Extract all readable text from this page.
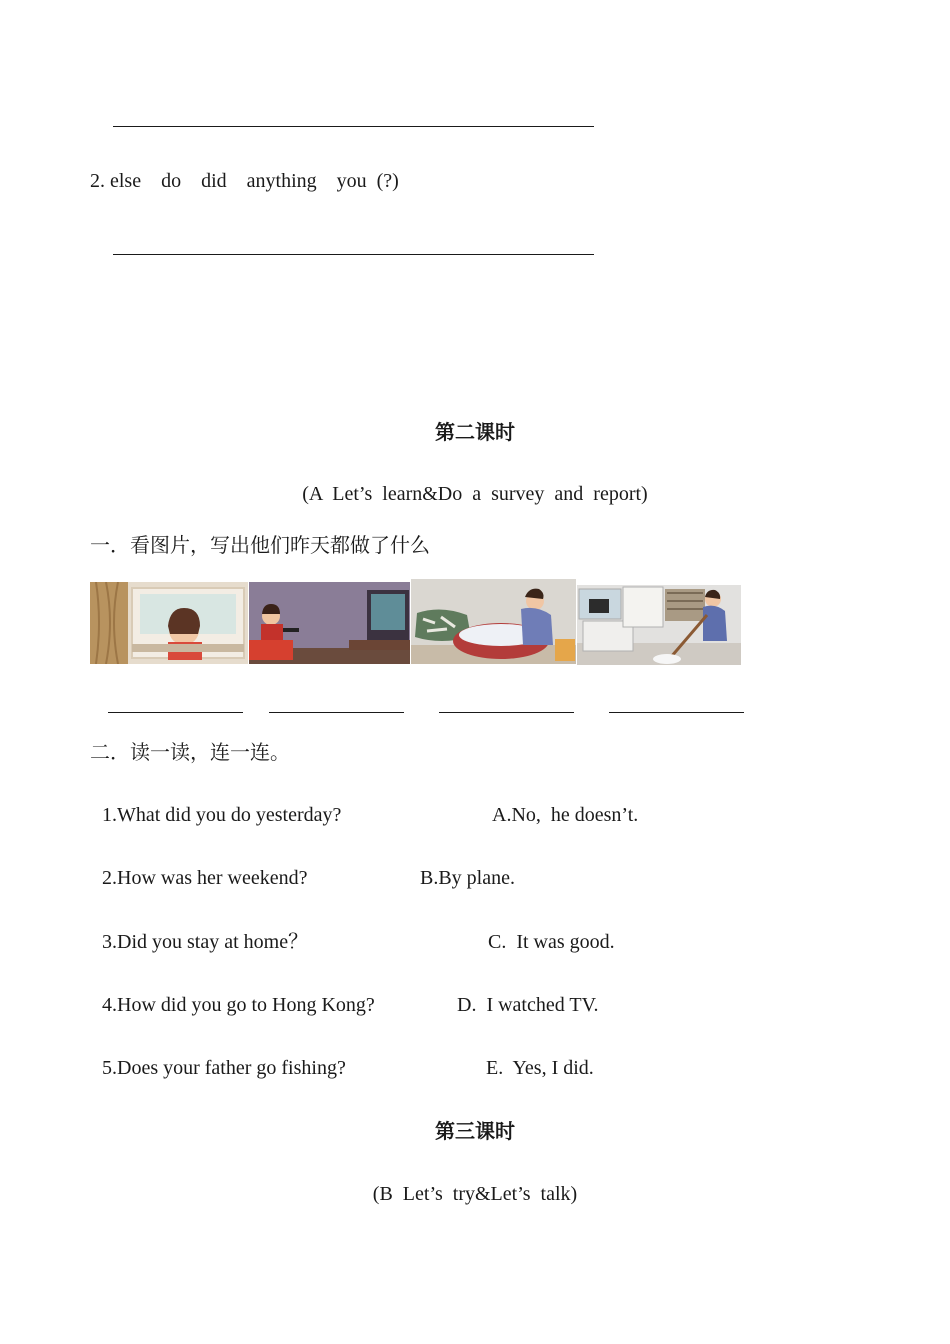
2. else    do    did    anything    you  (?)
第二课时
(A  Let’s  learn&Do  a  survey  and  report)
一．看图片，写出他们昨天都做了什么
二．读一读，连一连。
1.What did you do yesterday?	A.No,  he doesn’t.
2.How was her weekend?	B.By plane.
3.Did you stay at home？	C.  It was good.
4.How did you go to Hong Kong?	D.  I watched TV.
5.Does your father go fishing?	E.  Yes, I did.
第三课时
(B  Let’s  try&Let’s  talk)
